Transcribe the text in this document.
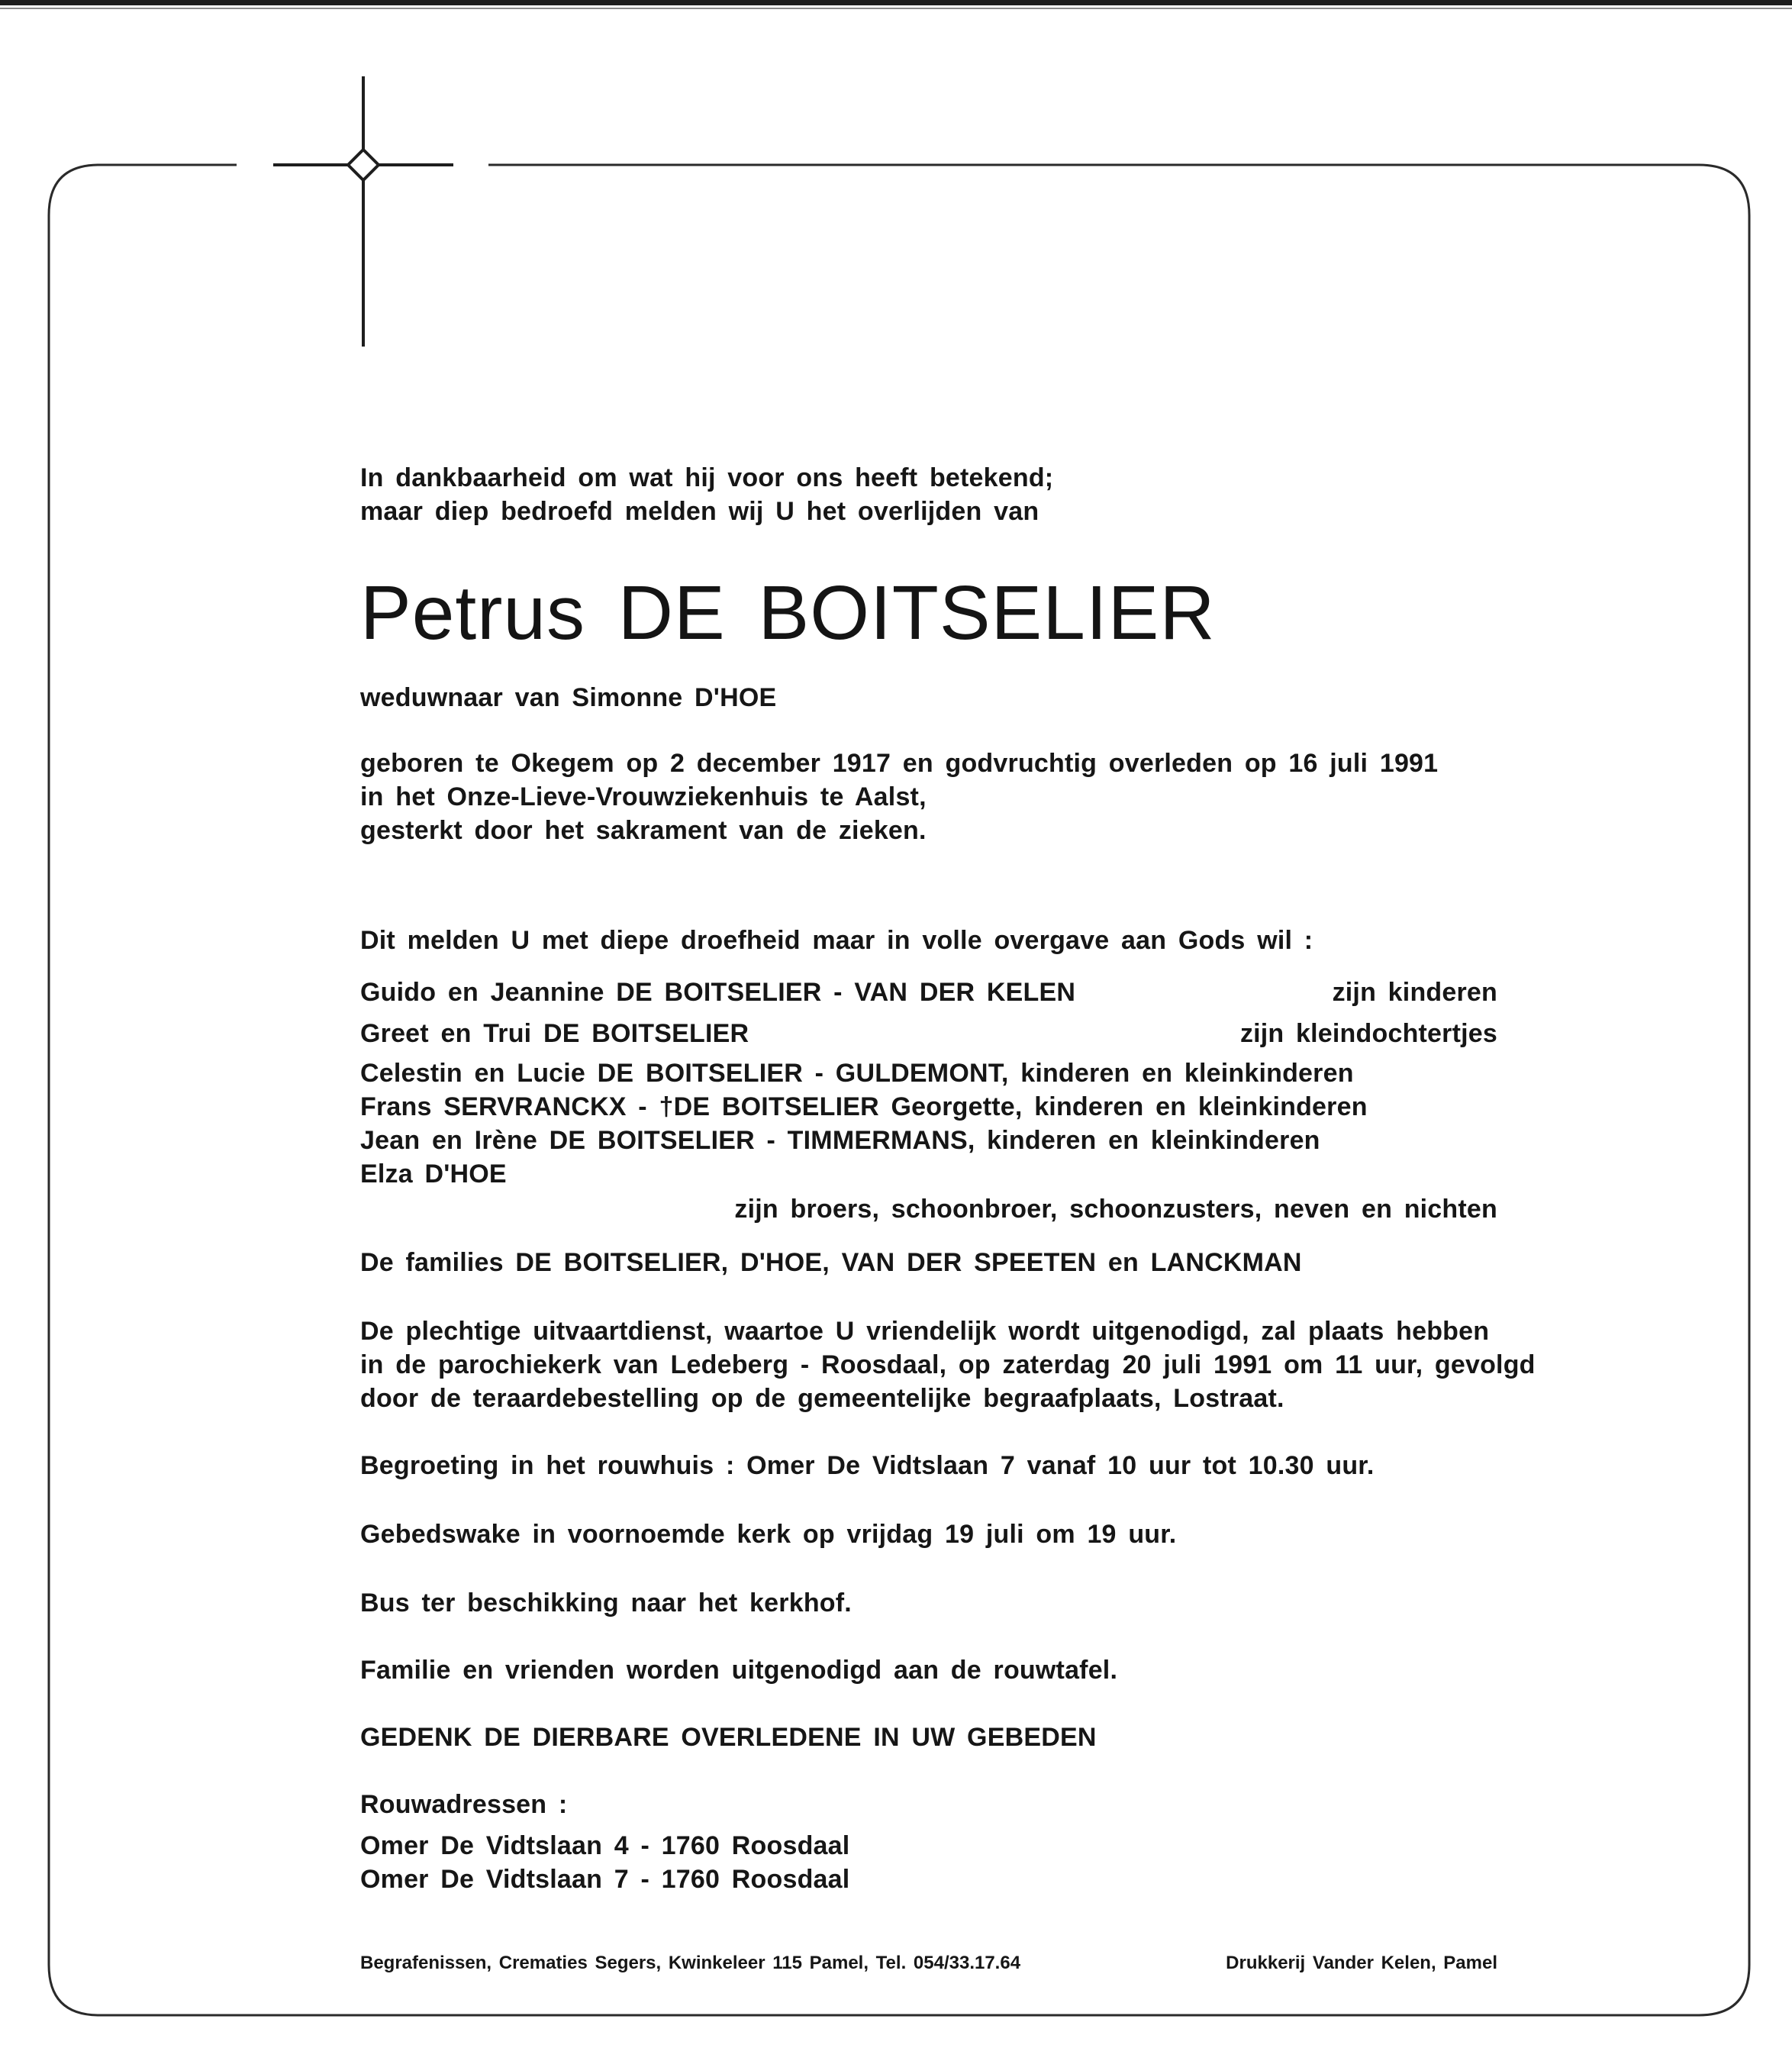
In dankbaarheid om wat hij voor ons heeft betekend;
maar diep bedroefd melden wij U het overlijden van
Petrus DE BOITSELIER
weduwnaar van Simonne D'HOE
geboren te Okegem op 2 december 1917 en godvruchtig overleden op 16 juli 1991
in het Onze-Lieve-Vrouwziekenhuis te Aalst,
gesterkt door het sakrament van de zieken.
Dit melden U met diepe droefheid maar in volle overgave aan Gods wil :
Guido en Jeannine DE BOITSELIER - VAN DER KELEN	zijn kinderen
Greet en Trui DE BOITSELIER	zijn kleindochtertjes
Celestin en Lucie DE BOITSELIER - GULDEMONT, kinderen en kleinkinderen
Frans SERVRANCKX - †DE BOITSELIER Georgette, kinderen en kleinkinderen
Jean en Irène DE BOITSELIER - TIMMERMANS, kinderen en kleinkinderen
Elza D'HOE
zijn broers, schoonbroer, schoonzusters, neven en nichten
De families DE BOITSELIER, D'HOE, VAN DER SPEETEN en LANCKMAN
De plechtige uitvaartdienst, waartoe U vriendelijk wordt uitgenodigd, zal plaats hebben
in de parochiekerk van Ledeberg - Roosdaal, op zaterdag 20 juli 1991 om 11 uur, gevolgd
door de teraardebestelling op de gemeentelijke begraafplaats, Lostraat.
Begroeting in het rouwhuis : Omer De Vidtslaan 7 vanaf 10 uur tot 10.30 uur.
Gebedswake in voornoemde kerk op vrijdag 19 juli om 19 uur.
Bus ter beschikking naar het kerkhof.
Familie en vrienden worden uitgenodigd aan de rouwtafel.
GEDENK DE DIERBARE OVERLEDENE IN UW GEBEDEN
Rouwadressen :
Omer De Vidtslaan 4 - 1760 Roosdaal
Omer De Vidtslaan 7 - 1760 Roosdaal
Begrafenissen, Crematies Segers, Kwinkeleer 115 Pamel, Tel. 054/33.17.64	Drukkerij Vander Kelen, Pamel
